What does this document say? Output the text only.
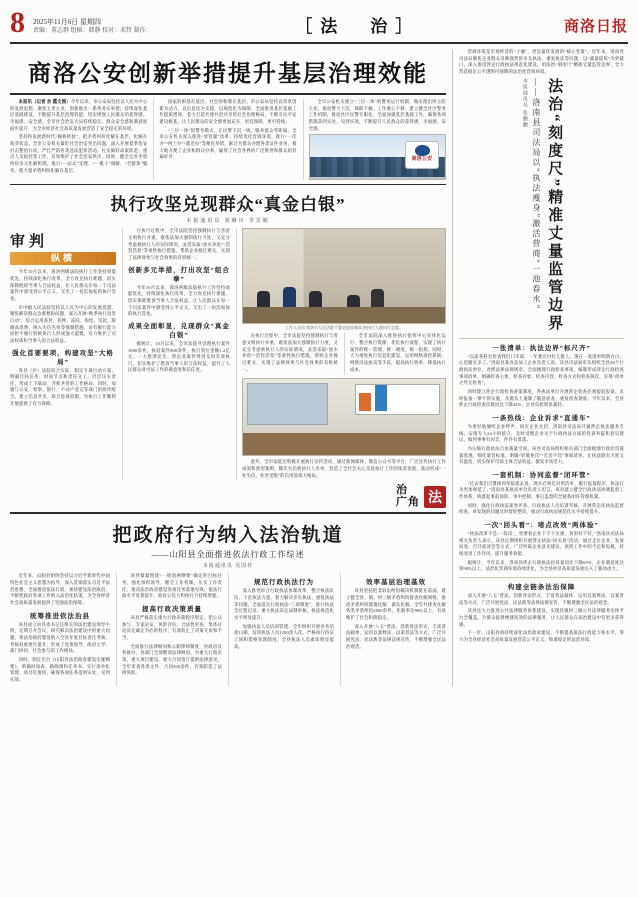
8 2025年11月6日 星期四
责编：董志群 组稿：韩静 校对：邓哲 制作：	［法　治］	商洛日报
商洛公安创新举措提升基层治理效能

本报讯（记者 余 霞文图）今年以来，市公安局坚持以人民为中心的发展思想，聚焦主责主业，创新推出一系列务实举措，持续深化基层基础建设，不断提升基层治理效能，切实增强人民群众的获得感、幸福感、安全感。全市社会治安大局持续稳定，群众安全感和满意度稳步提升，为全市经济社会高质量发展营造了安全稳定的环境。

坚持和发展新时代“枫桥经验”，把矛盾纠纷化解在基层、化解在萌芽状态。全市公安机关紧盯社会治安突出问题，深入开展夏季治安打击整治行动，严打严防各类违法犯罪活动，扎实做好命案防范、重点人员稳控等工作，有效维护了社会治安秩序。同时，健全完善矛盾纠纷多元化解机制，推行“一站式”受理、“一揽子”调解、“全链条”服务，使大量矛盾纠纷化解在基层。

国家的根基在基层，社会的和谐在基层。市公安局坚持以改革创新为动力，以信息化为支撑，以规范化为保障，全面推进基层基础工作提质增效，着力打造共建共治共享的社会治理格局，不断夯实平安建设根基，让人民群众的安全感更加充实、更有保障、更可持续。

“三位一体”的警务模式，让民警下沉一线，服务群众零距离。全市公安机关深入推进“放管服”改革，持续优化营商环境，推行“一次办”“网上办”“就近办”等便民举措，累计为群众办理各类证件业务，极大地方便了企业和群众办事，赢得了社会各界的广泛赞誉和群众的普遍好评。

全市公安机关建立“三位一体”的警务运行机制，做实派出所主防主业，推动警力下沉、保障下倾、工作重心下移。建立健全社区警务工作机制，推动社区民警专职化，全面加强基层基础工作，确保各项措施落到实处、见到实效，不断提升人民群众的获得感、幸福感、安全感。

商洛公安
执行攻坚兑现群众“真金白银”
本报通讯员 刘琳川 李芷媚
审判
纵横

今年10月以来，商洛两级法院执行工作坚持效能优先，持续深化执行改革，全力攻克执行难题，切实保障胜诉当事人合法权益，让人民群众在每一个司法案件中感受到公平正义，交出了一份沉甸甸的执行答卷。

市中级人民法院坚持以人民为中心的发展思想，聚焦解决群众急难愁盼问题，深入开展“秋季执行攻坚行动”，综合运用查封、扣押、冻结、拘留、罚款、限制高消费、纳入失信名单等强制措施，对有履行能力而拒不履行的被执行人形成强大震慑，有力维护了司法权威和当事人的合法权益。

强化首要要项，构建攻坚“大格局”

各县（区）法院结合实际，制定专项行动方案，明确目标任务、时间节点和责任分工，层层压实责任，形成上下联动、齐抓共管的工作格局。同时，加强与公安、检察、银行、不动产登记等部门的协作配合，建立信息共享、联合惩戒机制，为执行工作顺利开展提供了有力保障。

在执行过程中，全市法院坚持强制执行与善意文明执行并重，既依法加大强制执行力度，又充分考虑被执行人的实际情况，灵活采取“放水养鱼”“活封活扣”等柔性执行措施，帮助企业渡过难关，实现了法律效果与社会效果的有机统一。

创新多元举措，打出攻坚“组合拳”

今年10月以来，商洛两级法院执行工作坚持效能优先，持续深化执行改革，全力攻克执行难题，切实保障胜诉当事人合法权益，让人民群众在每一个司法案件中感受到公平正义，交出了一份沉甸甸的执行答卷。

成果全面彰显，兑现群众“真金白银”

据统计，10月以来，全市法院共受理执行案件1000余件，执结案件800余件，执行到位金额1.2亿元，一大批涉民生、涉企业案件得到及时有效执行，切实维护了胜诉当事人的合法权益，提升了人民群众对司法工作的满意度和信任度。

工作人员向 商洛市人民法院干警走进国春雨 的执行人被执行态度。

在执行过程中，全市法院坚持强制执行与善意文明执行并重，既依法加大强制执行力度，又充分考虑被执行人的实际情况，灵活采取“放水养鱼”“活封活扣”等柔性执行措施，帮助企业渡过难关，实现了法律效果与社会效果的有机统一。

全市法院深入推进执行指挥中心实体化运行，整合执行资源，优化执行流程，实现了执行案件的统一管理、统一调度、统一指挥。同时，大力推进执行信息化建设，运用网络查控系统、网络司法拍卖等手段，提高执行效率，降低执行成本。

此外，全市法院还积极开展执行宣传活动，通过新闻媒体、微信公众号等平台，广泛宣传执行工作成效和典型案例，曝光失信被执行人名单，营造了全社会关心支持执行工作的浓厚氛围，推动形成“一处失信、处处受限”的信用惩戒大格局。

治
广角 法
把政府行为纳入法治轨道
——山阳县全面推进依法行政工作综述
本报通讯员 吴国祥

近年来，山阳县始终坚持以习近平新时代中国特色社会主义思想为指导，深入贯彻落实习近平法治思想，全面推进依法行政，加快建设法治政府，不断把政府各项工作纳入法治化轨道，为全县经济社会高质量发展提供了坚强法治保障。

统筹推进依法治县

该县成立由县委书记任组长的法治建设领导小组，定期召开会议，研究解决法治建设中的重大问题。将法治政府建设纳入全县年度目标责任考核，考核权重逐年提升，形成了党委领导、政府主导、部门协同、社会参与的工作格局。

同时，制定出台《山阳县法治政府建设实施纲要》，明确时间表、路线图和任务书，实行清单化管理、项目化推进，确保各项任务落到实处、见到实效。

该县紧紧围绕“一规划两纲要”确定的目标任务，强化组织领导，健全工作机制，压实工作责任，推动法治政府建设各项任务落地见效，依法行政水平显著提升，政府公信力和执行力持续增强。

提高行政决策质量

该县严格落实重大行政决策程序规定，把公众参与、专家论证、风险评估、合法性审查、集体讨论决定确定为必经程序，有效防止了决策失误和不当。

全面推行法律顾问和公职律师制度，县政府及各镇办、各部门全部聘请法律顾问，为重大行政决策、重大项目建设、重大合同签订提供法律意见，全年审查各类文件、合同500余件，有效防范了法律风险。

规范行政执法行为

深入推进综合行政执法体制改革，整合执法队伍，下沉执法力量，着力解决多头执法、重复执法等问题。全面落实行政执法“三项制度”，推行执法全过程记录、重大执法决定法制审核，执法规范化水平明显提升。

加强执法人员培训管理，全年组织开展业务培训12期，培训执法人员1200余人次，严格执行持证上岗和资格管理制度，全县执法人员素质明显提高。

效率基层治理基效

该县坚持把非诉讼纠纷解决机制挺在前面，建立健全县、镇、村三级矛盾纠纷排查化解网络，推动矛盾纠纷就地化解、源头化解。全年共排查化解各类矛盾纠纷2000余件，化解率达98%以上，有效维护了社会和谐稳定。

深入开展“八五”普法，创新普法形式，丰富普法载体，运用以案释法、以案普法等方式，广泛开展宪法、民法典等法律法规宣传，不断增强全民法治观念。

营商环境是市场经济的“土壤”，更是最优发展的“核心变量”。近年来，洛南县司法局聚焦企业群众反映强烈的多头执法、重复执法等问题，以“减量提质”为突破口，深入推进涉企行政执法规范化建设，用法治“刻度尺”精准丈量监管边界，全力营造稳定公平透明可预期的法治化营商环境。

本报通讯员 张鹏鹏 ——洛南县司法局以“执法瘦身”激活营商“一池春水” 法治“刻度尺”精准丈量监管边界
一张清单：执法边界“标尺齐”

“以前各科室检查我们门市部，一年要应付好几拨人，现在一张清单明明白白，心里踏实多了。”洛南县某食品加工企业负责人说。该县司法局牵头组织全县38个行政执法单位，对照法律法规规章，全面梳理行政检查事项，编制形成涉企行政检查事项清单，明确检查主体、检查对象、检查内容、检查方式和检查频次，实现“清单之外无检查”。

同时建立涉企行政检查备案制度，各执法单位开展涉企检查必须提前报备，未经报备一律不得实施，从源头上遏制了随意检查、重复检查现象。今年以来，全县涉企行政检查次数同比下降42%，企业负担明显减轻。

一条热线：企业诉求“直通车”

为更好地倾听企业呼声、回应企业关切，洛南县司法局开通涉企执法服务专线，安排专人24小时值守，及时受理企业关于行政执法方面的投诉举报和意见建议，做到事事有回音、件件有着落。

为压缩行政执法自由裁量空间，该县司法局组织相关部门全面梳理行政处罚裁量基准，细化量罚标准，明确“轻微免罚”“首违不罚”事项清单，让执法既有力度又有温度，切实保护市场主体合法权益，激发市场活力。

一套机制：协同监督“闭环管”

“过去我们习惯接到举报就去查，现在必须先对照清单、履行报备程序，执法行为更加规范了。”洛南县某执法单位负责人坦言。该县建立健全行政执法协调监督工作体系，构建起事前预防、事中控制、事后监督的全链条闭环管理机制。

同时，强化行政执法案卷评查、行政执法人员培训考核，开展常态化执法监督检查，对发现的问题及时督促整改，推动行政执法规范化水平持续提升。

一次“回头看”：堵点改效“两体验”

“执法改革不是‘一阵风’，更要看企业下不下实感、效果好不好。”洛南县司法局相关负责人表示。该县定期组织开展涉企执法“回头看”活动，通过走访企业、发放问卷、召开座谈会等方式，广泛听取企业意见建议，查找工作中的不足和短板，持续改进工作作风，提升服务效能。

据统计，今年以来，洛南县涉企行政执法投诉量同比下降65%，企业满意度达到98%以上，法治化营商环境持续优化，为全县经济高质量发展注入了强劲动力。

构建全链条法治保障

深入开展“八五”普法，创新普法形式，丰富普法载体，运用以案释法、以案普法等方式，广泛开展宪法、民法典等法律法规宣传，不断增强全民法治观念。

该县还大力推进公共法律服务体系建设，实现县镇村三级公共法律服务实体平台全覆盖，为群众提供便捷高效的法律服务，让人民群众在法治建设中有更多获得感。

下一步，山阳县将持续深化法治政府建设，不断提高依法行政能力和水平，努力为全县经济社会高质量发展营造公平正义、和谐稳定的法治环境。
